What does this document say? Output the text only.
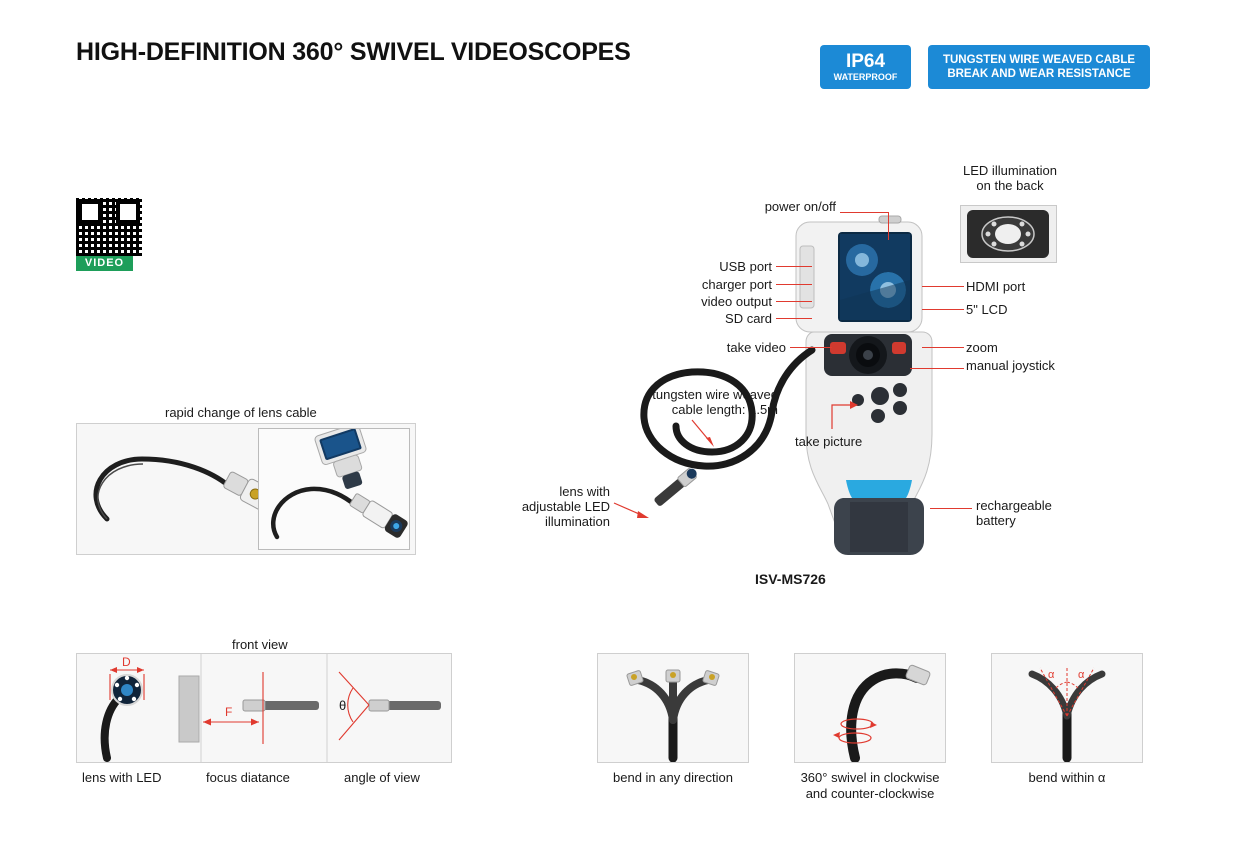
HIGH-DEFINITION 360° SWIVEL VIDEOSCOPES	IP64
WATERPROOF
TUNGSTEN WIRE WEAVED CABLE
BREAK AND WEAR RESISTANCE
VIDEO
rapid change of lens cable
LED illumination
on the back
power on/off
USB port
charger port
video output
SD card
HDMI port
5" LCD
take video	zoom
manual joystick
take picture
tungsten wire weaved
cable length: 1.5m
lens with
adjustable LED
illumination
rechargeable
battery
ISV-MS726
front view
D
F	θ
lens with LED	focus diatance	angle of view	bend in any direction	360° swivel in clockwise
and counter-clockwise
α α
bend within α
